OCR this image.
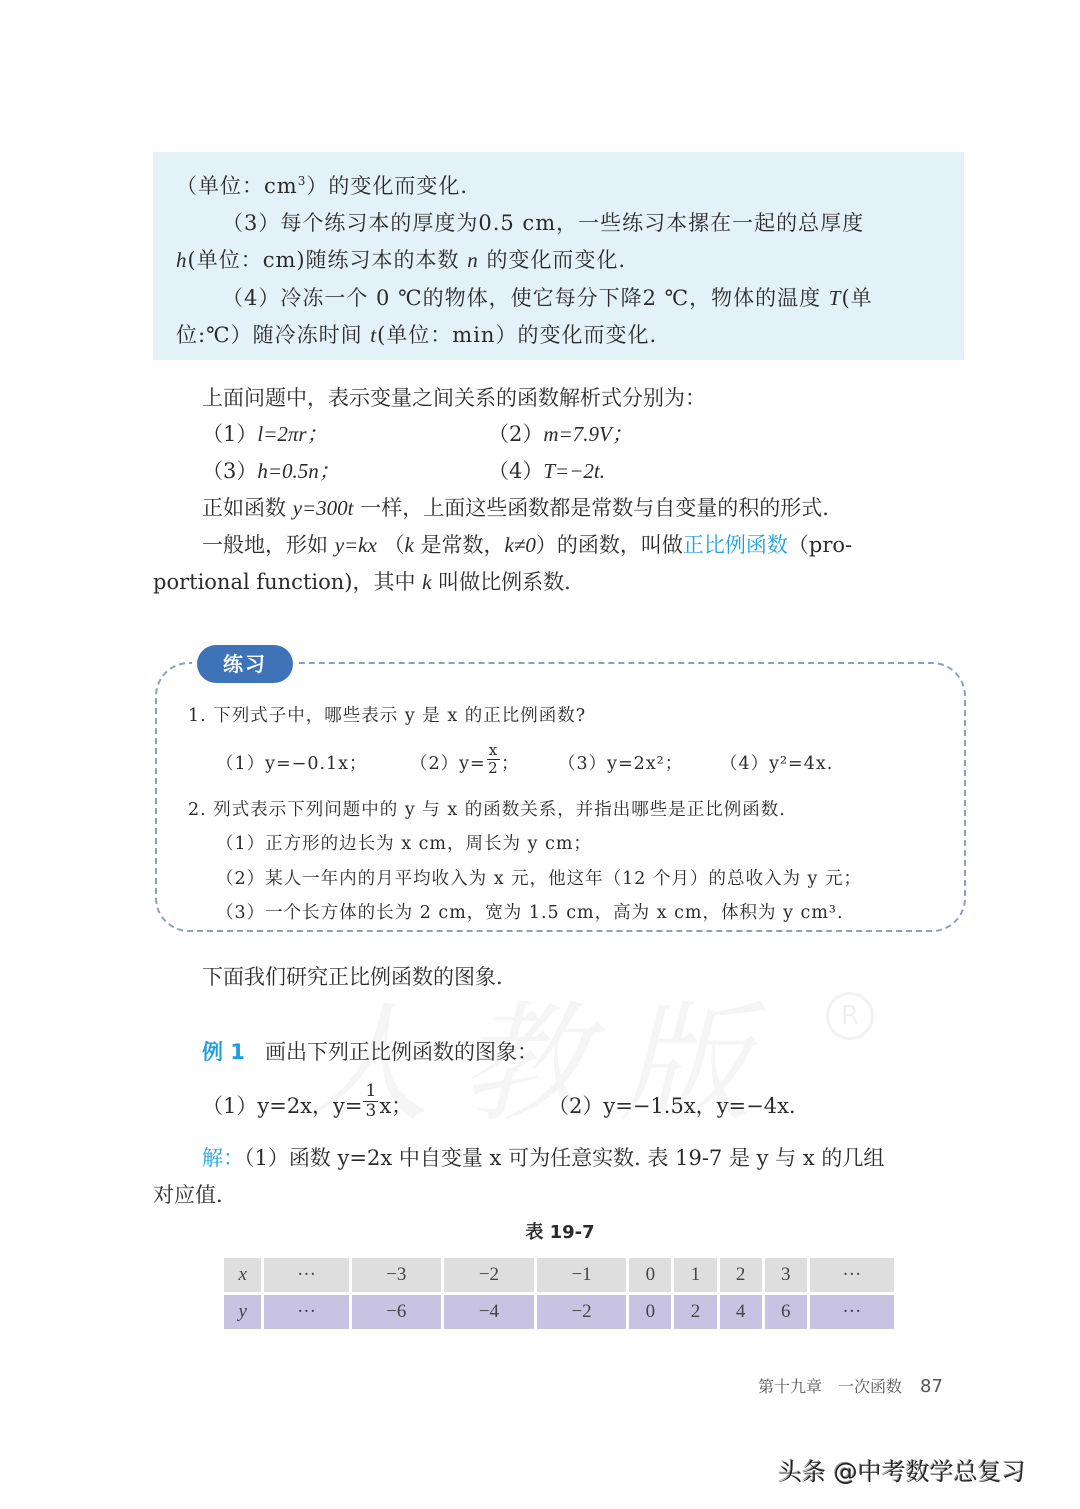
（单位：$cm^3$）的变化而变化.
（3）每个练习本的厚度为0.5 cm，一些练习本摞在一起的总厚度
h(单位：cm)随练习本的本数 n 的变化而变化.
（4）冷冻一个 0 ℃的物体，使它每分下降2 ℃，物体的温度 T(单
位:℃）随冷冻时间 t(单位：min）的变化而变化.
上面问题中，表示变量之间关系的函数解析式分别为：
（1）l=2πr；	（2）m=7.9V；
（3）h=0.5n；	（4）T=−2t.
正如函数 y=300t 一样，上面这些函数都是常数与自变量的积的形式.
一般地，形如 y=kx （k 是常数，k≠0）的函数，叫做正比例函数（pro-
portional function)，其中 k 叫做比例系数.
练习
1. 下列式子中，哪些表示 y 是 x 的正比例函数?
（1）y=−0.1x； $(2)y= \frac{x}{2}$ ； （3）y=2x²； （4）y²=4x.
2. 列式表示下列问题中的 y 与 x 的函数关系，并指出哪些是正比例函数.
（1）正方形的边长为 x cm，周长为 y cm；
（2）某人一年内的月平均收入为 x 元，他这年（12 个月）的总收入为 y 元；
（3）一个长方体的长为 2 cm，宽为 1.5 cm，高为 x cm，体积为 y cm³.
R
下面我们研究正比例函数的图象.
例 1 画出下列正比例函数的图象：
（1）y=2x，$y= \frac{1}{3}$ x；	（2）y=−1.5x，y=−4x.
解：（1）函数 y=2x 中自变量 x 可为任意实数. 表 19-7 是 y 与 x 的几组
对应值.
表 19-7
x	···	−3	−2	−1	0	1	2	3	···
y	···	−6	−4	−2	0	2	4	6	···
第十九章　一次函数 87
头条 @中考数学总复习
